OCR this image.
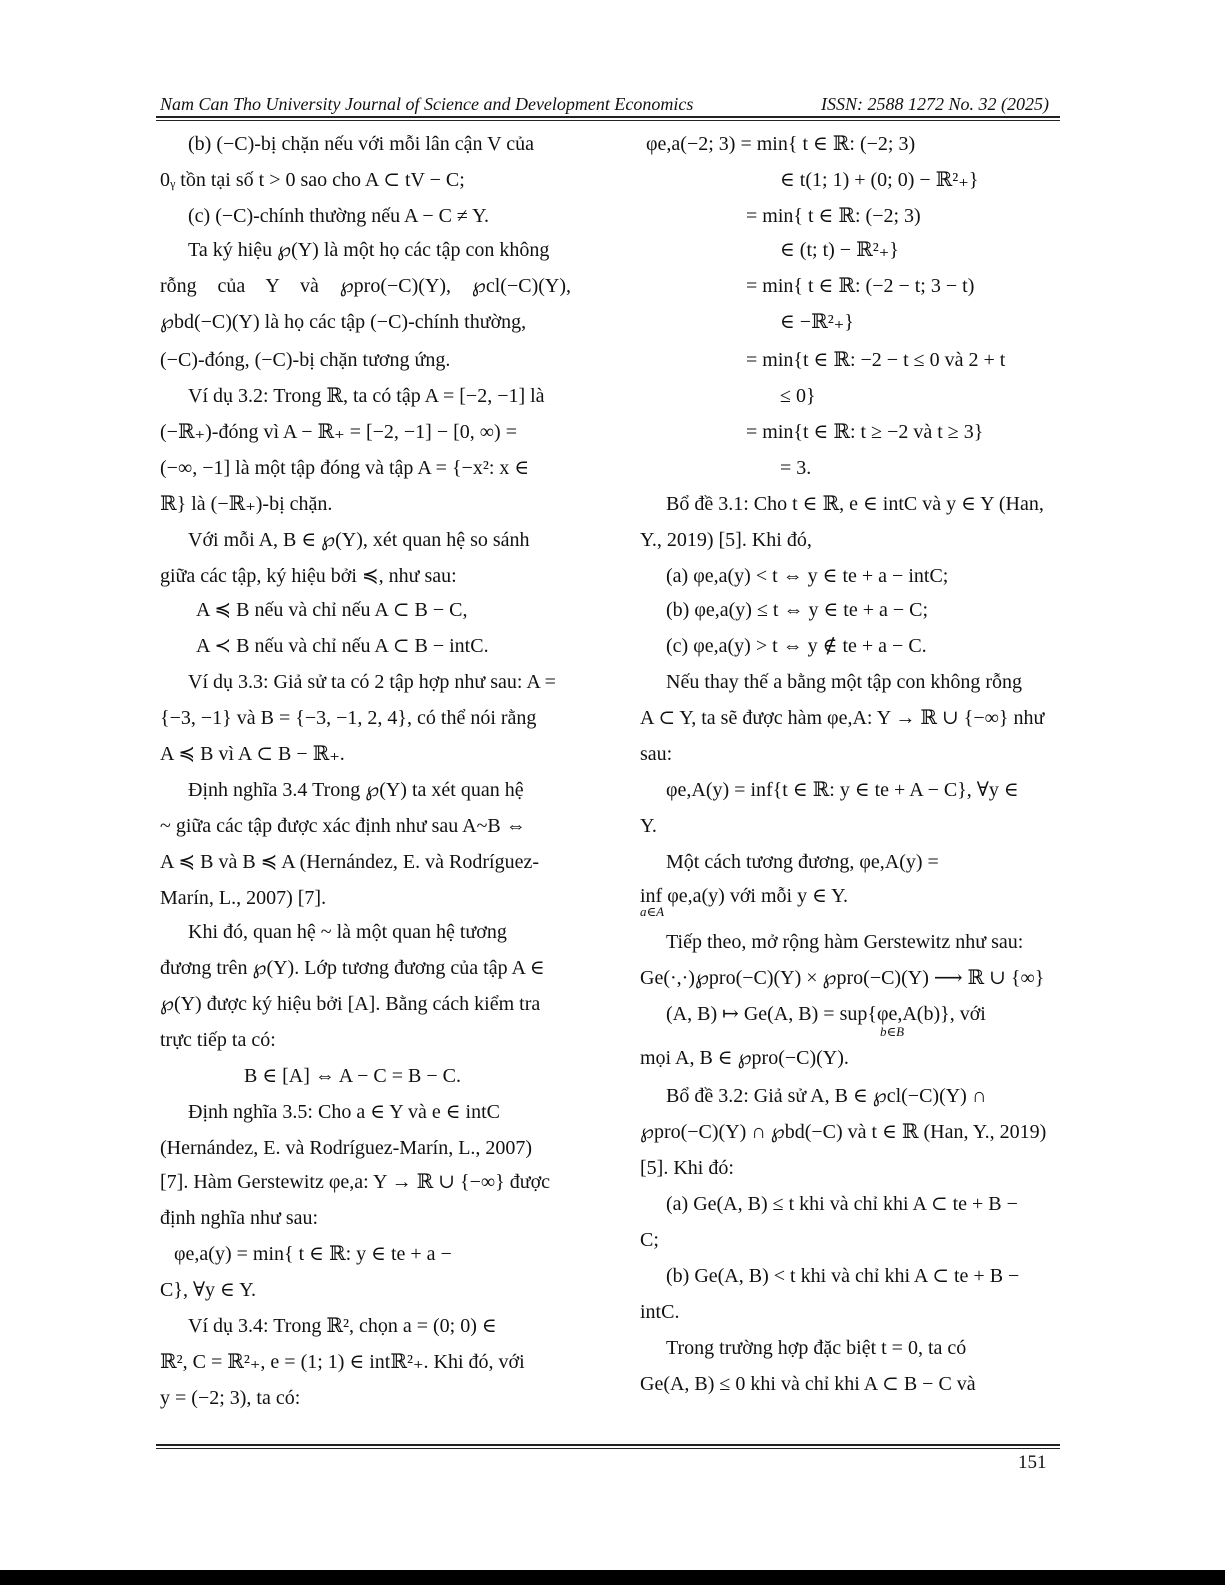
Nam Can Tho University Journal of Science and Development Economics	ISSN: 2588 1272 No. 32 (2025)
(b) (−C)-bị chặn nếu với mỗi lân cận V của
0ᵧ tồn tại số t > 0 sao cho A ⊂ tV − C;
(c) (−C)-chính thường nếu A − C ≠ Y.
Ta ký hiệu ℘(Y) là một họ các tập con không
rỗng của Y và ℘pro(−C)(Y), ℘cl(−C)(Y),
℘bd(−C)(Y) là họ các tập (−C)-chính thường,
(−C)-đóng, (−C)-bị chặn tương ứng.
Ví dụ 3.2: Trong ℝ, ta có tập A = [−2, −1] là
(−ℝ₊)-đóng vì A − ℝ₊ = [−2, −1] − [0, ∞) =
(−∞, −1] là một tập đóng và tập A = {−x²: x ∈
ℝ} là (−ℝ₊)-bị chặn.
Với mỗi A, B ∈ ℘(Y), xét quan hệ so sánh
giữa các tập, ký hiệu bởi ≼, như sau:
A ≼ B nếu và chỉ nếu A ⊂ B − C,
A ≺ B nếu và chỉ nếu A ⊂ B − intC.
Ví dụ 3.3: Giả sử ta có 2 tập hợp như sau: A =
{−3, −1} và B = {−3, −1, 2, 4}, có thể nói rằng
A ≼ B vì A ⊂ B − ℝ₊.
Định nghĩa 3.4 Trong ℘(Y) ta xét quan hệ
~ giữa các tập được xác định như sau A~B ⇔
A ≼ B và B ≼ A (Hernández, E. và Rodríguez-
Marín, L., 2007) [7].
Khi đó, quan hệ ~ là một quan hệ tương
đương trên ℘(Y). Lớp tương đương của tập A ∈
℘(Y) được ký hiệu bởi [A]. Bằng cách kiểm tra
trực tiếp ta có:
B ∈ [A] ⇔ A − C = B − C.
Định nghĩa 3.5: Cho a ∈ Y và e ∈ intC
(Hernández, E. và Rodríguez-Marín, L., 2007)
[7]. Hàm Gerstewitz φe,a: Y → ℝ ∪ {−∞} được
định nghĩa như sau:
φe,a(y) = min{ t ∈ ℝ: y ∈ te + a −
C}, ∀y ∈ Y.
Ví dụ 3.4: Trong ℝ², chọn a = (0; 0) ∈
ℝ², C = ℝ²₊, e = (1; 1) ∈ intℝ²₊. Khi đó, với
y = (−2; 3), ta có:
φe,a(−2; 3) = min{ t ∈ ℝ: (−2; 3)
∈ t(1; 1) + (0; 0) − ℝ²₊}
= min{ t ∈ ℝ: (−2; 3)
∈ (t; t) − ℝ²₊}
= min{ t ∈ ℝ: (−2 − t; 3 − t)
∈ −ℝ²₊}
= min{t ∈ ℝ: −2 − t ≤ 0 và 2 + t
≤ 0}
= min{t ∈ ℝ: t ≥ −2 và t ≥ 3}
= 3.
Bổ đề 3.1: Cho t ∈ ℝ, e ∈ intC và y ∈ Y (Han,
Y., 2019) [5]. Khi đó,
(a) φe,a(y) < t ⇔ y ∈ te + a − intC;
(b) φe,a(y) ≤ t ⇔ y ∈ te + a − C;
(c) φe,a(y) > t ⇔ y ∉ te + a − C.
Nếu thay thế a bằng một tập con không rỗng
A ⊂ Y, ta sẽ được hàm φe,A: Y → ℝ ∪ {−∞} như
sau:
φe,A(y) = inf{t ∈ ℝ: y ∈ te + A − C}, ∀y ∈
Y.
Một cách tương đương, φe,A(y) =
inf φe,a(y) với mỗi y ∈ Y.
a∈A
Tiếp theo, mở rộng hàm Gerstewitz như sau:
Ge(·,·)℘pro(−C)(Y) × ℘pro(−C)(Y) ⟶ ℝ ∪ {∞}
(A, B) ↦ Ge(A, B) = sup{φe,A(b)}, với
b∈B
mọi A, B ∈ ℘pro(−C)(Y).
Bổ đề 3.2: Giả sử A, B ∈ ℘cl(−C)(Y) ∩
℘pro(−C)(Y) ∩ ℘bd(−C) và t ∈ ℝ (Han, Y., 2019)
[5]. Khi đó:
(a) Ge(A, B) ≤ t khi và chỉ khi A ⊂ te + B −
C;
(b) Ge(A, B) < t khi và chỉ khi A ⊂ te + B −
intC.
Trong trường hợp đặc biệt t = 0, ta có
Ge(A, B) ≤ 0 khi và chỉ khi A ⊂ B − C và
151
